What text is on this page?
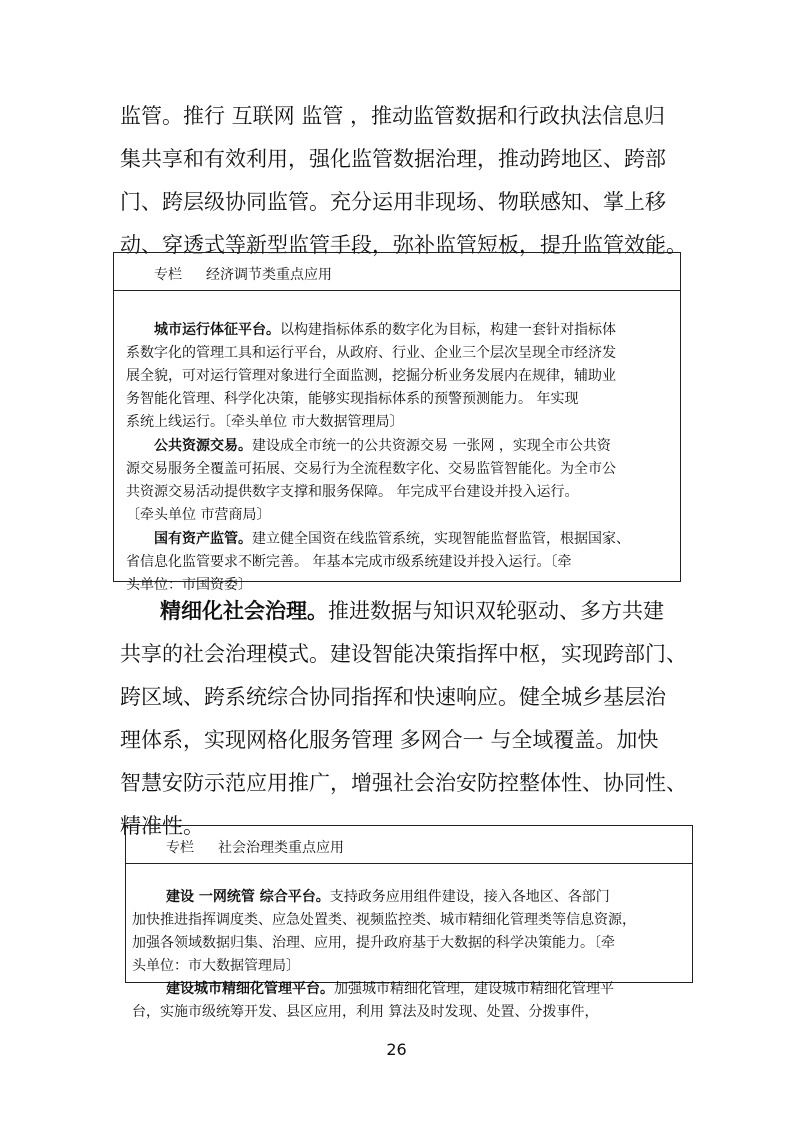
监管。推行 互联网 监管 ，推动监管数据和行政执法信息归
集共享和有效利用，强化监管数据治理，推动跨地区、跨部
门、跨层级协同监管。充分运用非现场、物联感知、掌上移
动、穿透式等新型监管手段，弥补监管短板，提升监管效能。
专栏 经济调节类重点应用
城市运行体征平台。以构建指标体系的数字化为目标，构建一套针对指标体
系数字化的管理工具和运行平台，从政府、行业、企业三个层次呈现全市经济发
展全貌，可对运行管理对象进行全面监测，挖掘分析业务发展内在规律，辅助业
务智能化管理、科学化决策，能够实现指标体系的预警预测能力。 年实现
系统上线运行。〔牵头单位 市大数据管理局〕
公共资源交易。建设成全市统一的公共资源交易 一张网 ，实现全市公共资
源交易服务全覆盖可拓展、交易行为全流程数字化、交易监管智能化。为全市公
共资源交易活动提供数字支撑和服务保障。 年完成平台建设并投入运行。
〔牵头单位 市营商局〕
国有资产监管。建立健全国资在线监管系统，实现智能监督监管，根据国家、
省信息化监管要求不断完善。 年基本完成市级系统建设并投入运行。〔牵
头单位：市国资委〕
精细化社会治理。推进数据与知识双轮驱动、多方共建
共享的社会治理模式。建设智能决策指挥中枢，实现跨部门、
跨区域、跨系统综合协同指挥和快速响应。健全城乡基层治
理体系，实现网格化服务管理 多网合一 与全域覆盖。加快
智慧安防示范应用推广，增强社会治安防控整体性、协同性、
精准性。
专栏 社会治理类重点应用
建设 一网统管 综合平台。支持政务应用组件建设，接入各地区、各部门
加快推进指挥调度类、应急处置类、视频监控类、城市精细化管理类等信息资源，
加强各领域数据归集、治理、应用，提升政府基于大数据的科学决策能力。〔牵
头单位：市大数据管理局〕
建设城市精细化管理平台。加强城市精细化管理，建设城市精细化管理平
台，实施市级统筹开发、县区应用，利用 算法及时发现、处置、分拨事件，
26
